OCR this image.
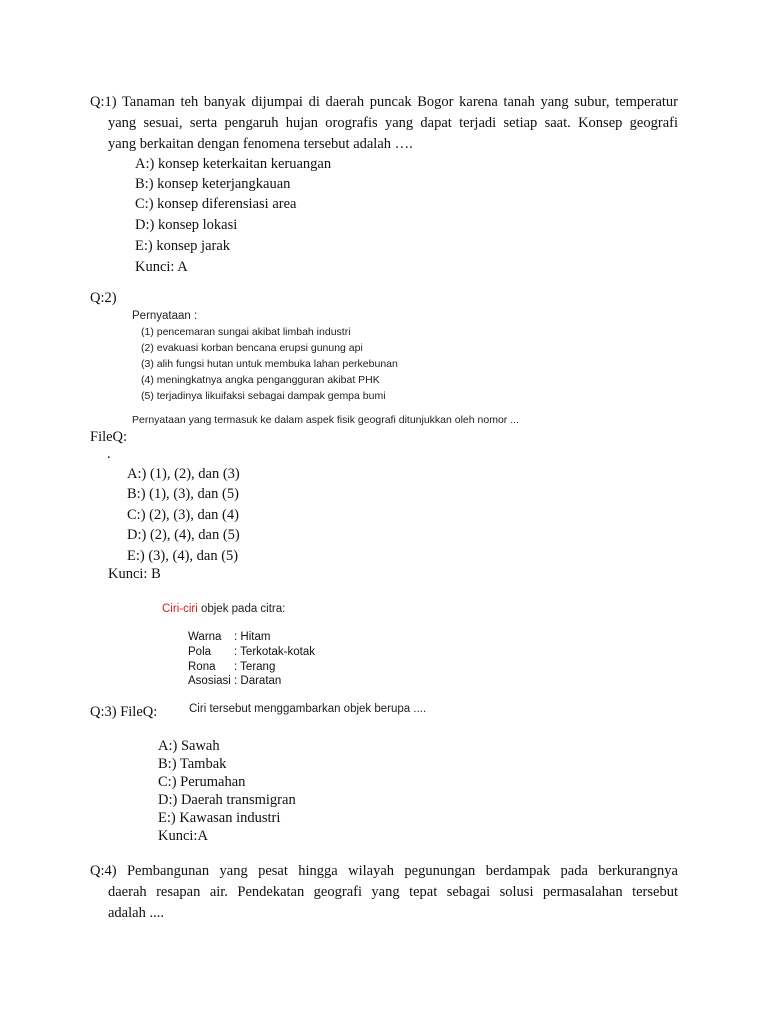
Q:1) Tanaman teh banyak dijumpai di daerah puncak Bogor karena tanah yang subur, temperatur
yang sesuai, serta pengaruh hujan orografis yang dapat terjadi setiap saat. Konsep geografi
yang berkaitan dengan fenomena tersebut adalah ….
A:) konsep keterkaitan keruangan
B:) konsep keterjangkauan
C:) konsep diferensiasi area
D:) konsep lokasi
E:) konsep jarak
Kunci: A
Q:2)
Pernyataan :
(1) pencemaran sungai akibat limbah industri
(2) evakuasi korban bencana erupsi gunung api
(3) alih fungsi hutan untuk membuka lahan perkebunan
(4) meningkatnya angka pengangguran akibat PHK
(5) terjadinya likuifaksi sebagai dampak gempa bumi
Pernyataan yang termasuk ke dalam aspek fisik geografi ditunjukkan oleh nomor ...
FileQ:
.
A:) (1), (2), dan (3)
B:) (1), (3), dan (5)
C:) (2), (3), dan (4)
D:) (2), (4), dan (5)
E:) (3), (4), dan (5)
Kunci: B
Ciri-ciri objek pada citra:
Warna	: Hitam
Pola	: Terkotak-kotak
Rona	: Terang
Asosiasi : Daratan
Q:3) FileQ:	Ciri tersebut menggambarkan objek berupa ....
A:) Sawah
B:) Tambak
C:) Perumahan
D:) Daerah transmigran
E:) Kawasan industri
Kunci:A
Q:4) Pembangunan yang pesat hingga wilayah pegunungan berdampak pada berkurangnya
daerah resapan air. Pendekatan geografi yang tepat sebagai solusi permasalahan tersebut
adalah ....
